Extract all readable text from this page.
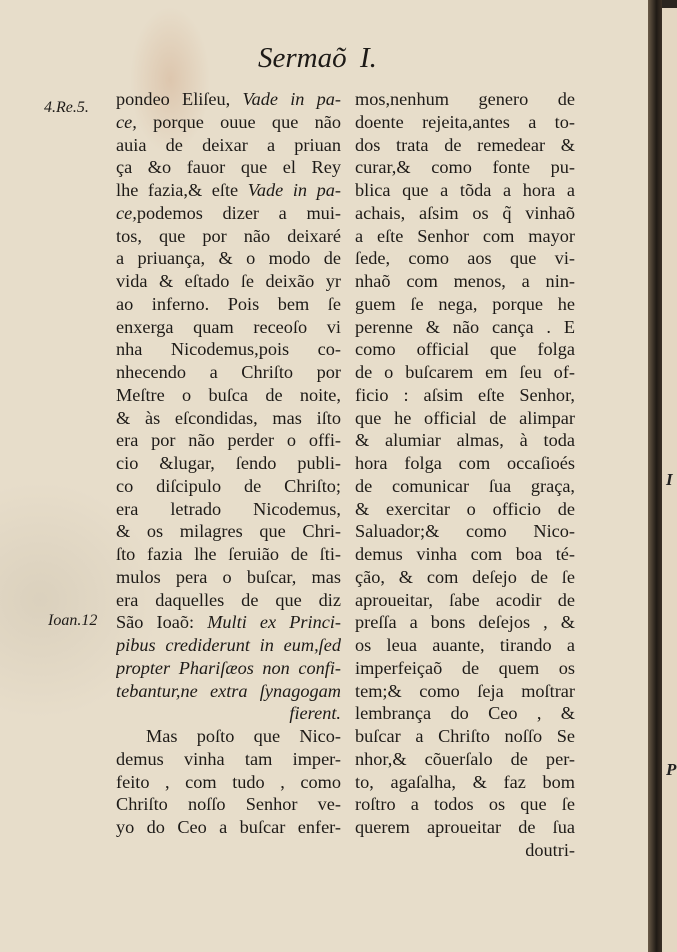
Sermaõ I.
4.Re.5.
Ioan.12
pondeo Eliſeu, Vade in pa-
ce, porque ouue que não
auia de deixar a priuan
ça &o fauor que el Rey
lhe fazia,& eſte Vade in pa-
ce,podemos dizer a mui-
tos, que por não deixaré
a priuança, & o modo de
vida & eſtado ſe deixão yr
ao inferno. Pois bem ſe
enxerga quam receoſo vi
nha Nicodemus,pois co-
nhecendo a Chriſto por
Meſtre o buſca de noite,
& às eſcondidas, mas iſto
era por não perder o offi-
cio &lugar, ſendo publi-
co diſcipulo de Chriſto;
era letrado Nicodemus,
& os milagres que Chri-
ſto fazia lhe ſeruião de ſti-
mulos pera o buſcar, mas
era daquelles de que diz
São Ioaõ: Multi ex Princi-
pibus crediderunt in eum,ſed
propter Phariſæos non confi-
tebantur,ne extra ſynagogam
fierent.
Mas poſto que Nico-
demus vinha tam imper-
feito , com tudo , como
Chriſto noſſo Senhor ve-
yo do Ceo a buſcar enfer-
mos,nenhum genero de
doente rejeita,antes a to-
dos trata de remedear &
curar,& como fonte pu-
blica que a tõda a hora a
achais, aſsim os q̃ vinhaõ
a eſte Senhor com mayor
ſede, como aos que vi-
nhaõ com menos, a nin-
guem ſe nega, porque he
perenne & não cança . E
como official que folga
de o buſcarem em ſeu of-
ficio : aſsim eſte Senhor,
que he official de alimpar
& alumiar almas, à toda
hora folga com occaſioés
de comunicar ſua graça,
& exercitar o officio de
Saluador;& como Nico-
demus vinha com boa té-
ção, & com deſejo de ſe
aproueitar, ſabe acodir de
preſſa a bons deſejos , &
os leua auante, tirando a
imperfeiçaõ de quem os
tem;& como ſeja moſtrar
lembrança do Ceo , &
buſcar a Chriſto noſſo Se
nhor,& cõuerſalo de per-
to, agaſalha, & faz bom
roſtro a todos os que ſe
querem aproueitar de ſua
doutri-
I
P
